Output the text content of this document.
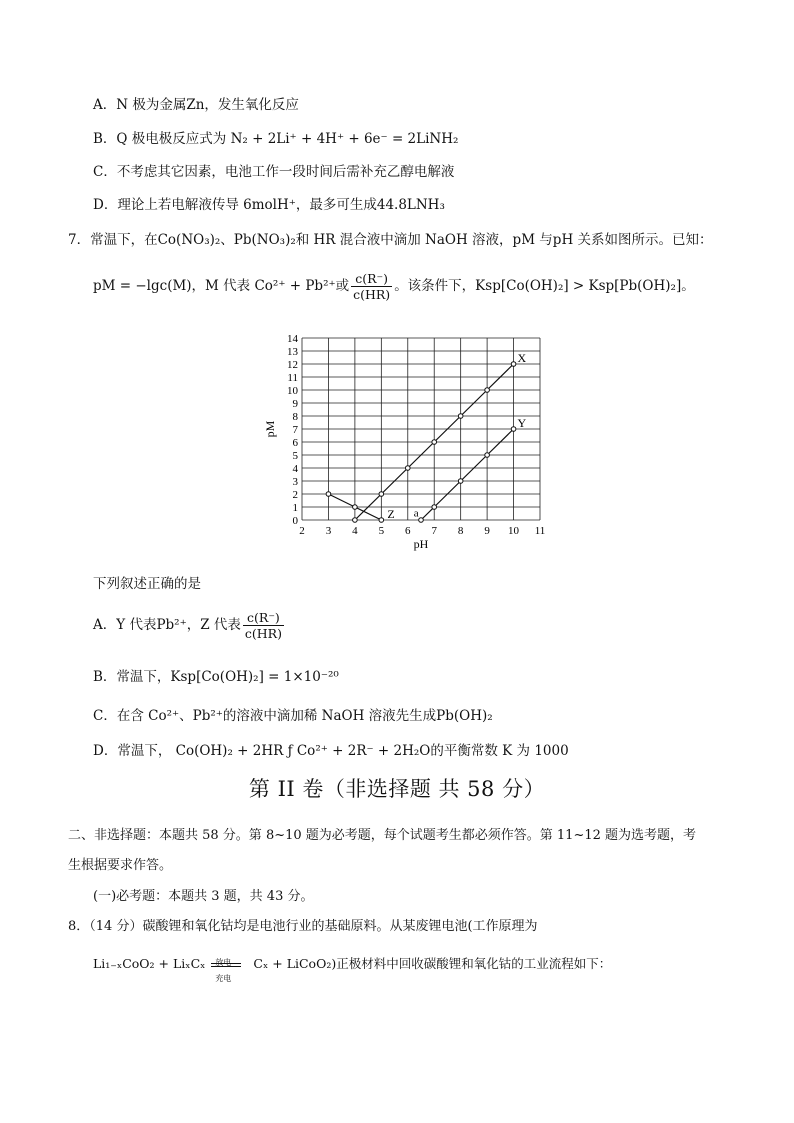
A．N 极为金属Zn，发生氧化反应
B．Q 极电极反应式为 N₂ + 2Li⁺ + 4H⁺ + 6e⁻ = 2LiNH₂
C．不考虑其它因素，电池工作一段时间后需补充乙醇电解液
D．理论上若电解液传导 6molH⁺，最多可生成44.8LNH₃
7．常温下，在Co(NO₃)₂、Pb(NO₃)₂和 HR 混合液中滴加 NaOH 溶液，pM 与pH 关系如图所示。已知：
pM = −lgc(M)，M 代表 Co²⁺ + Pb²⁺或 $\frac{c(R^-)}{c(HR)}$ 。该条件下，Ksp[Co(OH)₂] > Ksp[Pb(OH)₂]。
2 3 4 5 6 7 8 9 10 11
0
1
2
3
4
5
6
7
8
9
10
11
12
13
14
pH
pM
X
Y
Z a
下列叙述正确的是
A．Y 代表Pb²⁺，Z 代表 $\frac{c(R^-)}{c(HR)}$
B．常温下，Ksp[Co(OH)₂] = 1×10⁻²⁰
C．在含 Co²⁺、Pb²⁺的溶液中滴加稀 NaOH 溶液先生成Pb(OH)₂
D．常温下， Co(OH)₂ + 2HR ƒ Co²⁺ + 2R⁻ + 2H₂O的平衡常数 K 为 1000
第 II 卷（非选择题 共 58 分）
二、非选择题：本题共 58 分。第 8~10 题为必考题，每个试题考生都必须作答。第 11~12 题为选考题，考
生根据要求作答。
(一)必考题：本题共 3 题，共 43 分。
8．（14 分）碳酸锂和氧化钴均是电池行业的基础原料。从某废锂电池(工作原理为
Li₁₋ₓCoO₂ + LiₓCₓ 放电
充电
Cₓ + LiCoO₂)正极材料中回收碳酸锂和氧化钴的工业流程如下：
